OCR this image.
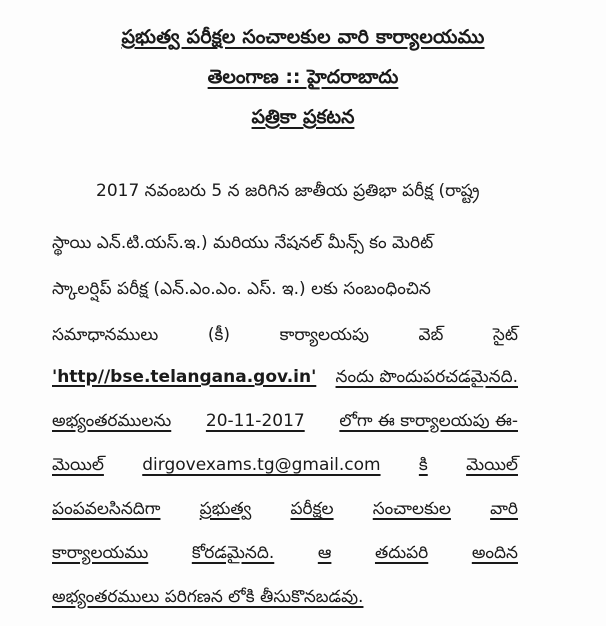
ప్రభుత్వ పరీక్షల సంచాలకుల వారి కార్యాలయము
తెలంగాణ :: హైదరాబాదు
పత్రికా ప్రకటన
2017 నవంబరు 5 న జరిగిన జాతీయ ప్రతిభా పరీక్ష (రాష్ట్ర
స్థాయి ఎన్.టి.యస్.ఇ.) మరియు నేషనల్ మీన్స్ కం మెరిట్
స్కాలర్షిప్ పరీక్ష (ఎన్.ఎం.ఎం. ఎస్. ఇ.) లకు సంబంధించిన
సమాధానములు	(కీ)	కార్యాలయపు	వెబ్	సైట్
'http//bse.telangana.gov.in' నందు పొందుపరచడమైనది.
అభ్యంతరములను 20-11-2017 లోగా ఈ కార్యాలయపు ఈ-
మెయిల్ dirgovexams.tg@gmail.com కి మెయిల్
పంపవలసినదిగా ప్రభుత్వ పరీక్షల సంచాలకుల వారి
కార్యాలయము	కోరడమైనది.	ఆ	తదుపరి	అందిన
అభ్యంతరములు పరిగణన లోకి తీసుకొనబడవు.
